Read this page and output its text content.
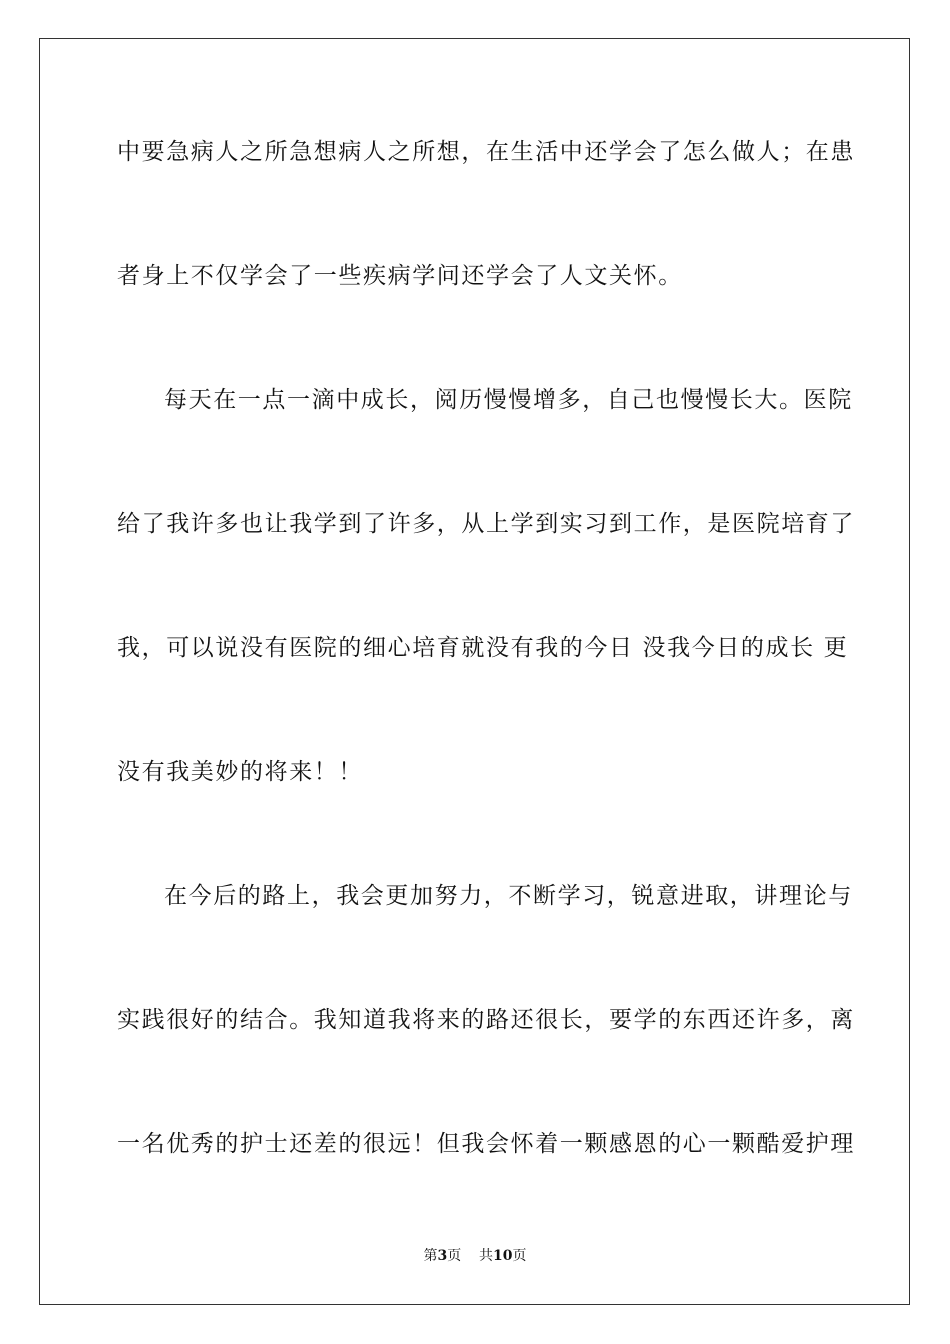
中要急病人之所急想病人之所想，在生活中还学会了怎么做人；在患
者身上不仅学会了一些疾病学问还学会了人文关怀。
每天在一点一滴中成长，阅历慢慢增多，自己也慢慢长大。医院
给了我许多也让我学到了许多，从上学到实习到工作，是医院培育了
我，可以说没有医院的细心培育就没有我的今日 没我今日的成长 更
没有我美妙的将来！！
在今后的路上，我会更加努力，不断学习，锐意进取，讲理论与
实践很好的结合。我知道我将来的路还很长，要学的东西还许多，离
一名优秀的护士还差的很远！但我会怀着一颗感恩的心一颗酷爱护理
第3页 共10页
